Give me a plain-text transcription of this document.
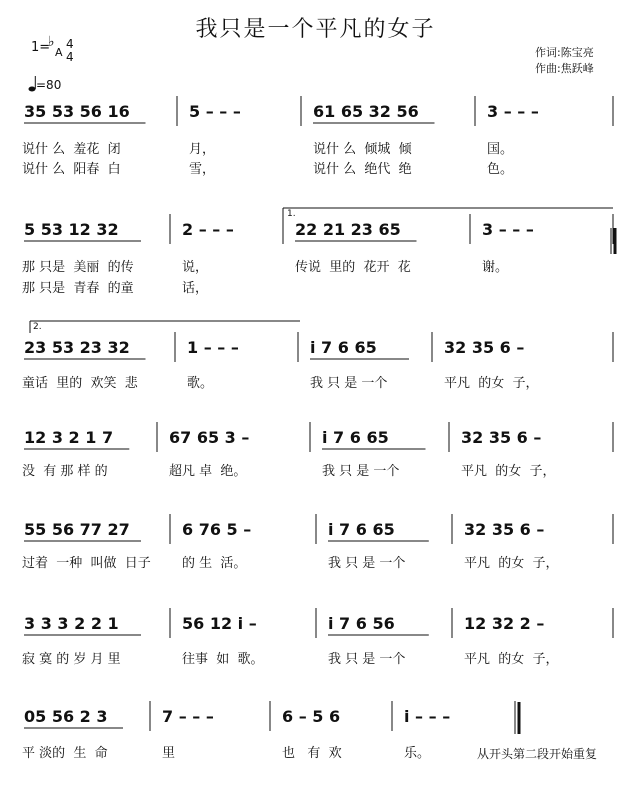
我只是一个平凡的女子
作词:陈宝亮
作曲:焦跃峰
1=
♭
A
4
4
=80
35 53 56 16	5 – – –	61 65 32 56	3 – – –
说什 么  羞花  闭	月，	说什 么  倾城  倾	国。
说什 么  阳春  白	雪，	说什 么  绝代  绝	色。
5 53 12 32	2 – – –	22 21 23 65	3 – – –
那 只是  美丽  的传	说，	传说  里的  花开  花	谢。
那 只是  青春  的童	话，
23 53 23 32	1 – – –	i 7 6 65	32 35 6 –
童话  里的  欢笑  悲	歌。	我 只 是 一个	平凡  的女  子，
12 3 2 1 7	67 65 3 –	i 7 6 65	32 35 6 –
没  有 那 样 的	超凡 卓  绝。	我 只 是 一个	平凡  的女  子，
55 56 77 27	6 76 5 –	i 7 6 65	32 35 6 –
过着  一种  叫做  日子 的 生  活。	我 只 是 一个	平凡  的女  子，
3 3 3 2 2 1	56 12 i –	i 7 6 56	12 32 2 –
寂 寞 的 岁 月 里	往事  如  歌。	我 只 是 一个	平凡  的女  子，
05 56 2 3	7 – – –	6 – 5 6	i – – –
平 淡的  生  命	里	也   有  欢	乐。
1.
2.
从开头第二段开始重复
